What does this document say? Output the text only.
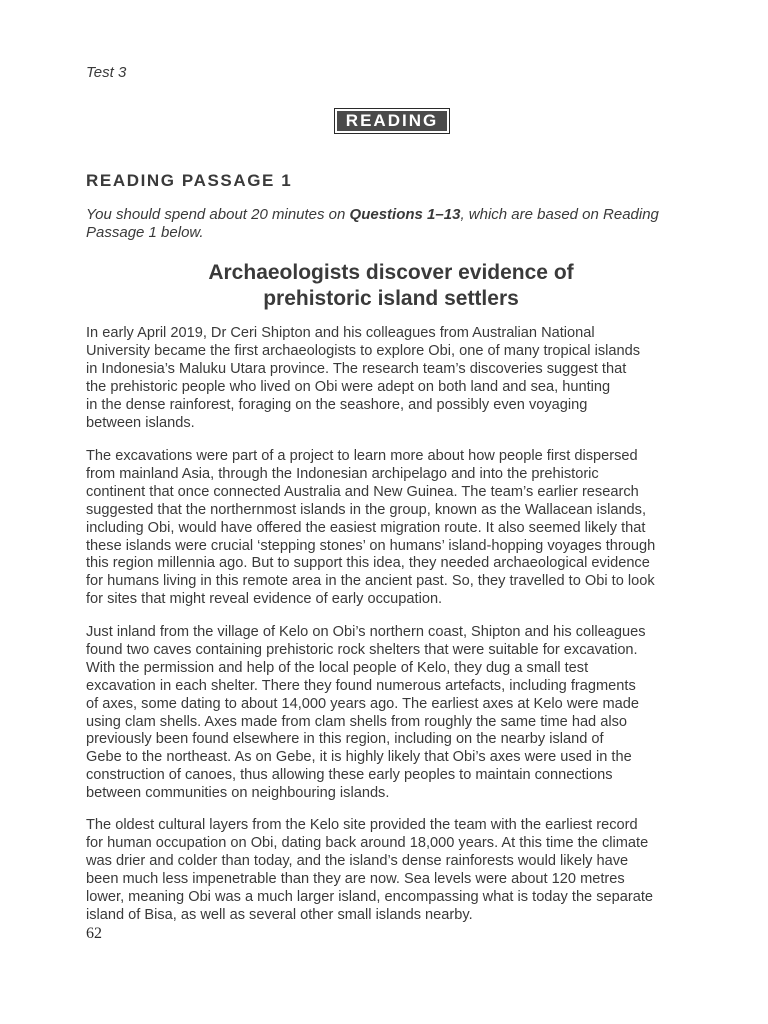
Test 3
READING
READING PASSAGE 1
You should spend about 20 minutes on Questions 1–13, which are based on Reading Passage 1 below.
Archaeologists discover evidence of
prehistoric island settlers
In early April 2019, Dr Ceri Shipton and his colleagues from Australian National
University became the first archaeologists to explore Obi, one of many tropical islands
in Indonesia’s Maluku Utara province. The research team’s discoveries suggest that
the prehistoric people who lived on Obi were adept on both land and sea, hunting
in the dense rainforest, foraging on the seashore, and possibly even voyaging
between islands.
The excavations were part of a project to learn more about how people first dispersed
from mainland Asia, through the Indonesian archipelago and into the prehistoric
continent that once connected Australia and New Guinea. The team’s earlier research
suggested that the northernmost islands in the group, known as the Wallacean islands,
including Obi, would have offered the easiest migration route. It also seemed likely that
these islands were crucial ‘stepping stones’ on humans’ island-hopping voyages through
this region millennia ago. But to support this idea, they needed archaeological evidence
for humans living in this remote area in the ancient past. So, they travelled to Obi to look
for sites that might reveal evidence of early occupation.
Just inland from the village of Kelo on Obi’s northern coast, Shipton and his colleagues
found two caves containing prehistoric rock shelters that were suitable for excavation.
With the permission and help of the local people of Kelo, they dug a small test
excavation in each shelter. There they found numerous artefacts, including fragments
of axes, some dating to about 14,000 years ago. The earliest axes at Kelo were made
using clam shells. Axes made from clam shells from roughly the same time had also
previously been found elsewhere in this region, including on the nearby island of
Gebe to the northeast. As on Gebe, it is highly likely that Obi’s axes were used in the
construction of canoes, thus allowing these early peoples to maintain connections
between communities on neighbouring islands.
The oldest cultural layers from the Kelo site provided the team with the earliest record
for human occupation on Obi, dating back around 18,000 years. At this time the climate
was drier and colder than today, and the island’s dense rainforests would likely have
been much less impenetrable than they are now. Sea levels were about 120 metres
lower, meaning Obi was a much larger island, encompassing what is today the separate
island of Bisa, as well as several other small islands nearby.
62
